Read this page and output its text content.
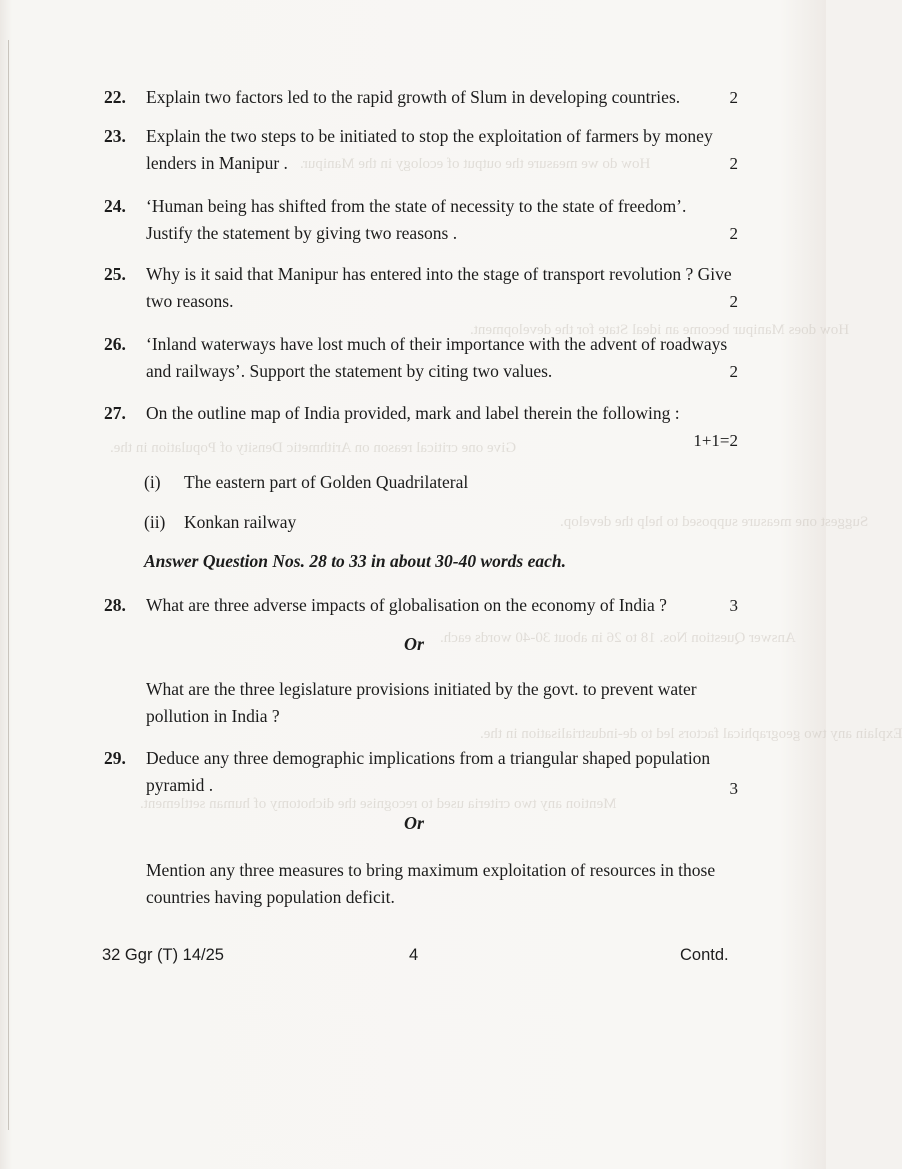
How do we measure the output of ecology in the Manipur.
How does Manipur become an ideal State for the development.
Give one critical reason on Arithmetic Density of Population in the.
Suggest one measure supposed to help the develop.
Answer Question Nos. 18 to 26 in about 30-40 words each.
Explain any two geographical factors led to de-industrialisation in the.
Mention any two criteria used to recognise the dichotomy of human settlement.
22. Explain two factors led to the rapid growth of Slum in developing countries.	2
23. Explain the two steps to be initiated to stop the exploitation of farmers by money
lenders in Manipur .	2
24. ‘Human being has shifted from the state of necessity to the state of freedom’.
Justify the statement by giving two reasons .	2
25. Why is it said that Manipur has entered into the stage of transport revolution ? Give
two reasons.	2
26. ‘Inland waterways have lost much of their importance with the advent of roadways
and railways’. Support the statement by citing two values.	2
27. On the outline map of India provided, mark and label therein the following :
1+1=2
(i) The eastern part of Golden Quadrilateral
(ii) Konkan railway
Answer Question Nos. 28 to 33 in about 30-40 words each.
28. What are three adverse impacts of globalisation on the economy of India ?	3
Or
What are the three legislature provisions initiated by the govt. to prevent water
pollution in India ?
29. Deduce any three demographic implications from a triangular shaped population
pyramid .	3
Or
Mention any three measures to bring maximum exploitation of resources in those
countries having population deficit.
32 Ggr (T) 14/25	4	Contd.
